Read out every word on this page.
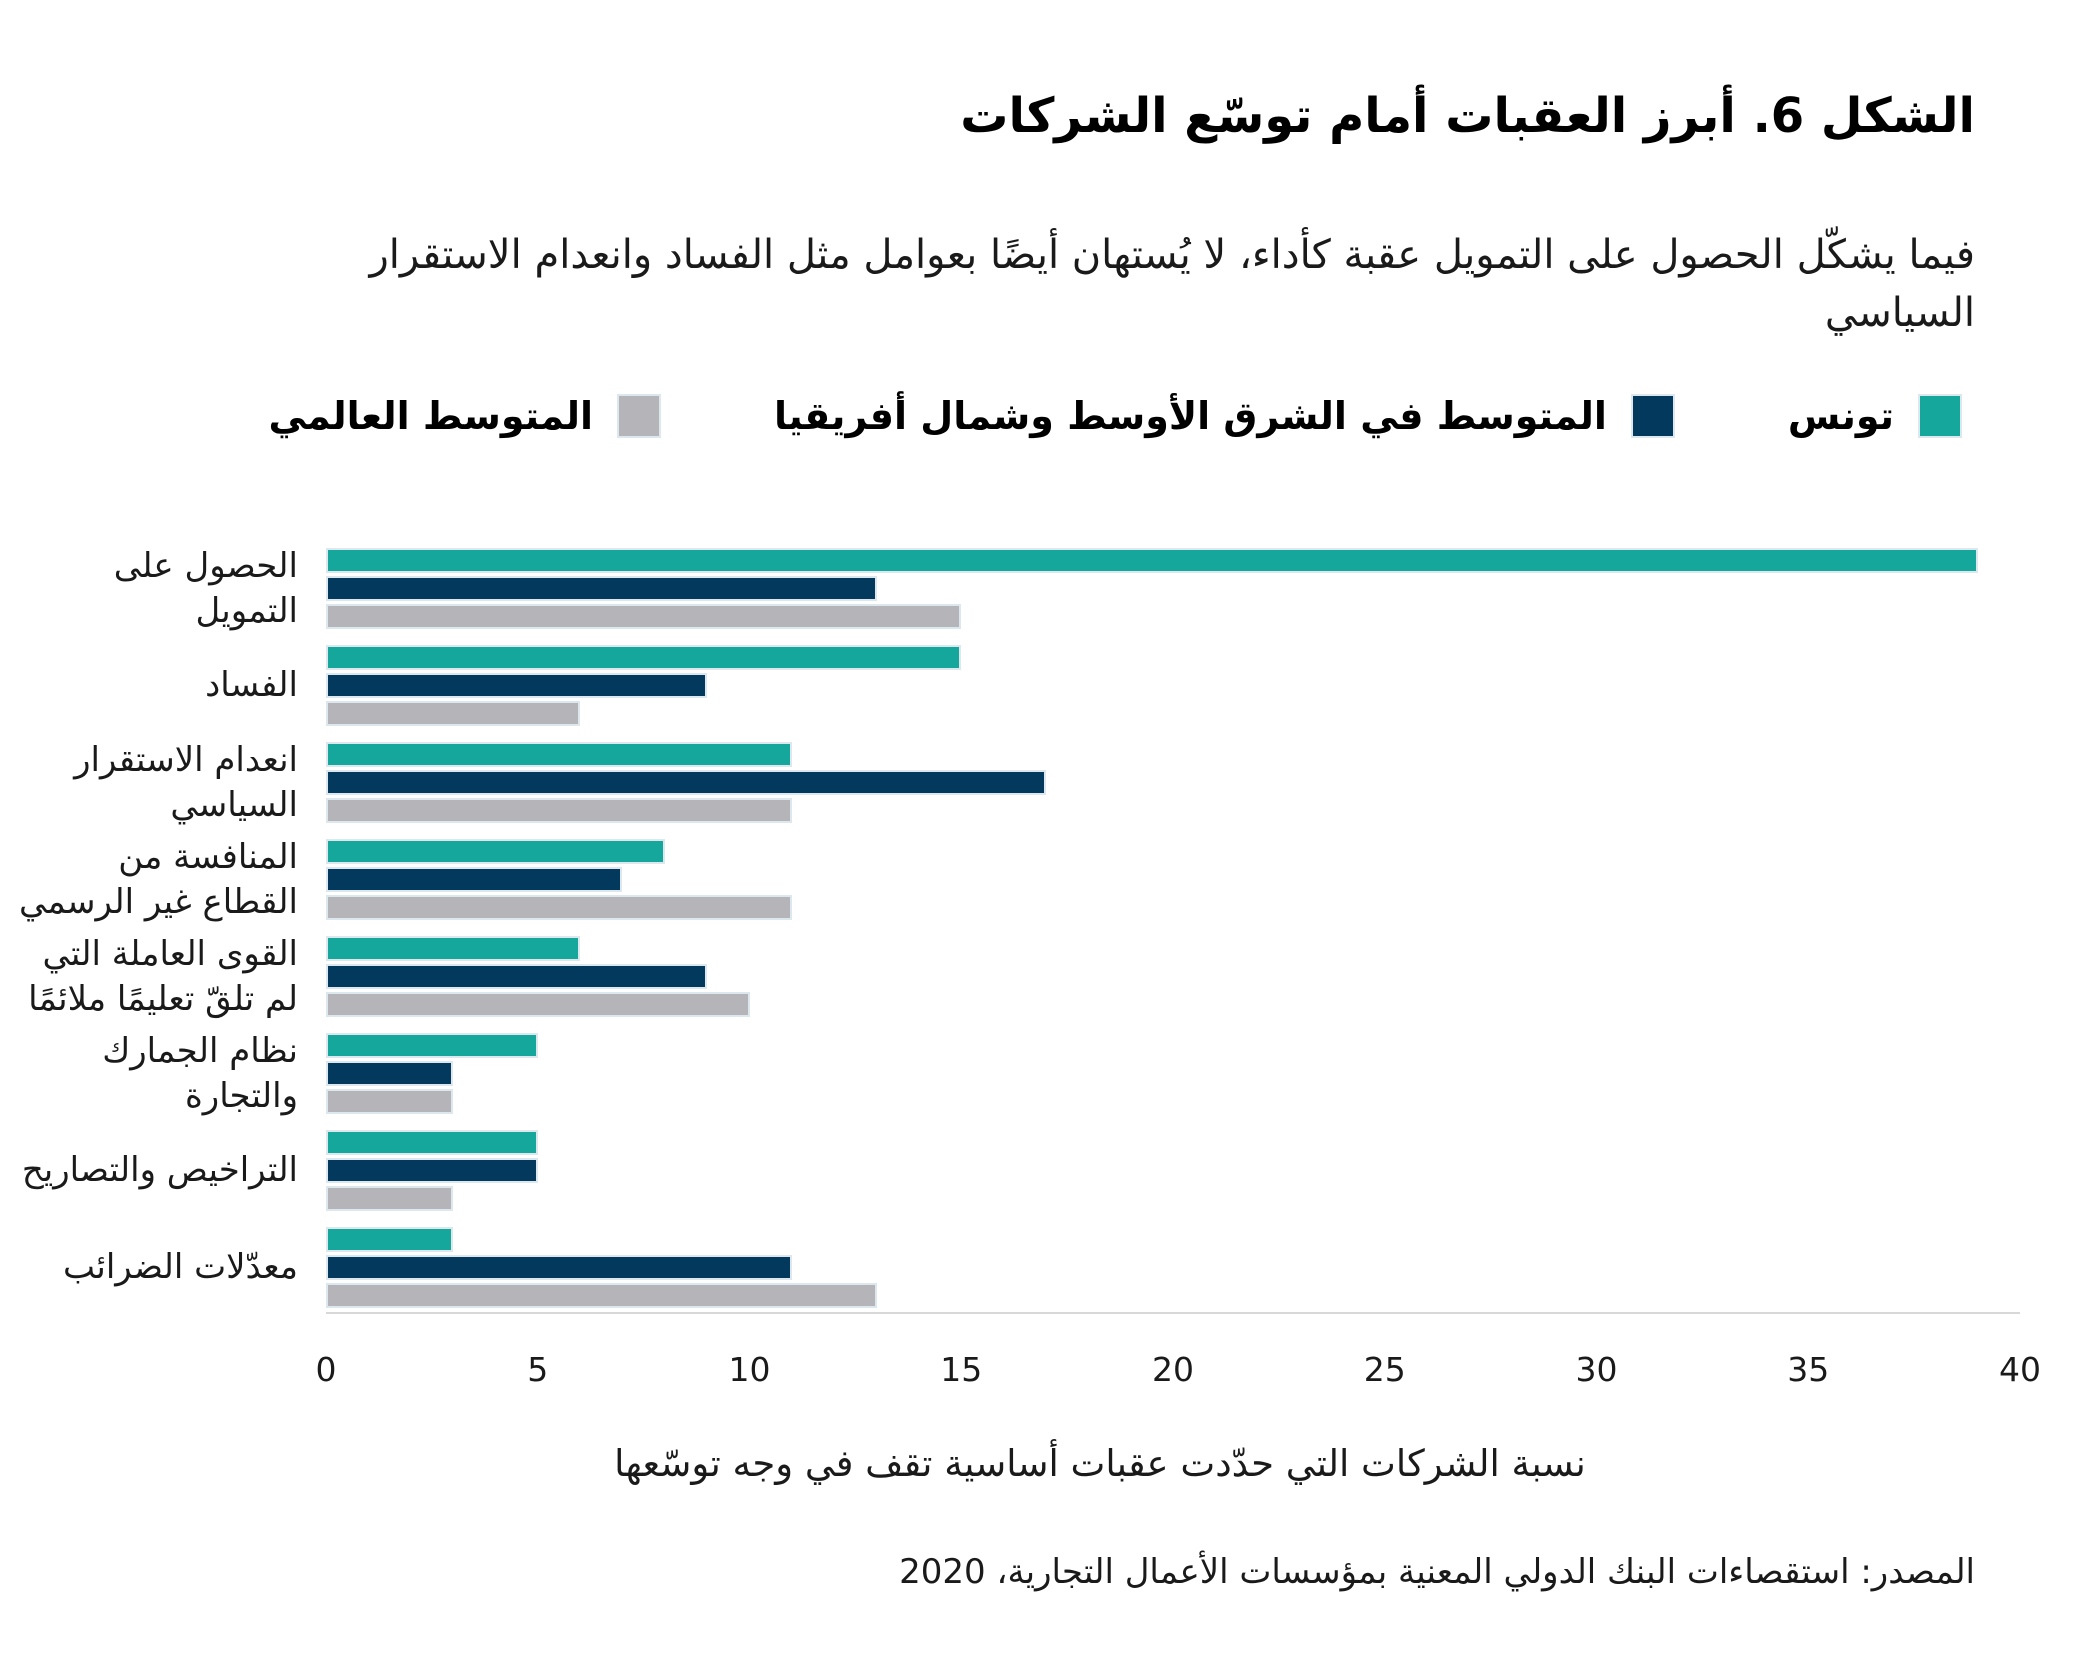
الشكل 6. أبرز العقبات أمام توسّع الشركات

فيما يشكّل الحصول على التمويل عقبة كأداء، لا يُستهان أيضًا بعوامل مثل الفساد وانعدام الاستقرار السياسي

تونس
المتوسط في الشرق الأوسط وشمال أفريقيا
المتوسط العالمي
الحصول على التمويل
الفساد
انعدام الاستقرار السياسي
المنافسة من القطاع غير الرسمي
القوى العاملة التي لم تلقّ تعليمًا ملائمًا
نظام الجمارك والتجارة
التراخيص والتصاريح
معدّلات الضرائب
0	5	10	15	20	25	30	35	40
نسبة الشركات التي حدّدت عقبات أساسية تقف في وجه توسّعها
المصدر: استقصاءات البنك الدولي المعنية بمؤسسات الأعمال التجارية، 2020
